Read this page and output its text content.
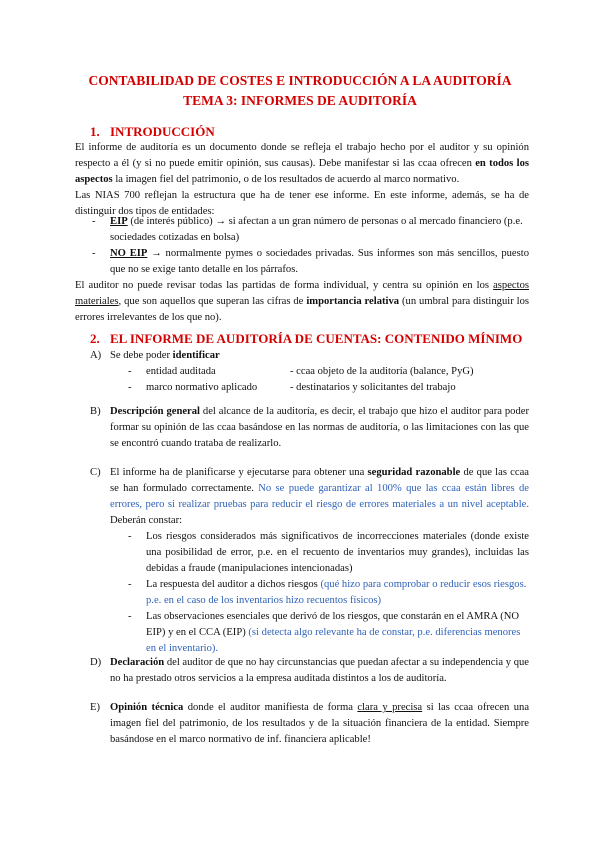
CONTABILIDAD DE COSTES E INTRODUCCIÓN A LA AUDITORÍA
TEMA 3: INFORMES DE AUDITORÍA
1. INTRODUCCIÓN
El informe de auditoría es un documento donde se refleja el trabajo hecho por el auditor y su opinión respecto a él (y si no puede emitir opinión, sus causas). Debe manifestar si las ccaa ofrecen en todos los aspectos la imagen fiel del patrimonio, o de los resultados de acuerdo al marco normativo.
Las NIAS 700 reflejan la estructura que ha de tener ese informe. En este informe, además, se ha de distinguir dos tipos de entidades:
- EIP (de interés público) → si afectan a un gran número de personas o al mercado financiero (p.e. sociedades cotizadas en bolsa)
- NO EIP → normalmente pymes o sociedades privadas. Sus informes son más sencillos, puesto que no se exige tanto detalle en los párrafos.
El auditor no puede revisar todas las partidas de forma individual, y centra su opinión en los aspectos materiales, que son aquellos que superan las cifras de importancia relativa (un umbral para distinguir los errores irrelevantes de los que no).
2. EL INFORME DE AUDITORÍA DE CUENTAS: CONTENIDO MÍNIMO
A) Se debe poder identificar
- entidad auditada	- ccaa objeto de la auditoría (balance, PyG)
- marco normativo aplicado	- destinatarios y solicitantes del trabajo
B) Descripción general del alcance de la auditoría, es decir, el trabajo que hizo el auditor para poder formar su opinión de las ccaa basándose en las normas de auditoría, o las limitaciones con las que se encontró cuando trataba de realizarlo.
C) El informe ha de planificarse y ejecutarse para obtener una seguridad razonable de que las ccaa se han formulado correctamente. No se puede garantizar al 100% que las ccaa están libres de errores, pero si realizar pruebas para reducir el riesgo de errores materiales a un nivel aceptable. Deberán constar:
- Los riesgos considerados más significativos de incorrecciones materiales (donde existe una posibilidad de error, p.e. en el recuento de inventarios muy grandes), incluidas las debidas a fraude (manipulaciones intencionadas)
- La respuesta del auditor a dichos riesgos (qué hizo para comprobar o reducir esos riesgos. p.e. en el caso de los inventarios hizo recuentos físicos)
- Las observaciones esenciales que derivó de los riesgos, que constarán en el AMRA (NO EIP) y en el CCA (EIP) (si detecta algo relevante ha de constar, p.e. diferencias menores en el inventario).
D) Declaración del auditor de que no hay circunstancias que puedan afectar a su independencia y que no ha prestado otros servicios a la empresa auditada distintos a los de auditoría.
E) Opinión técnica donde el auditor manifiesta de forma clara y precisa si las ccaa ofrecen una imagen fiel del patrimonio, de los resultados y de la situación financiera de la entidad. Siempre basándose en el marco normativo de inf. financiera aplicable!
